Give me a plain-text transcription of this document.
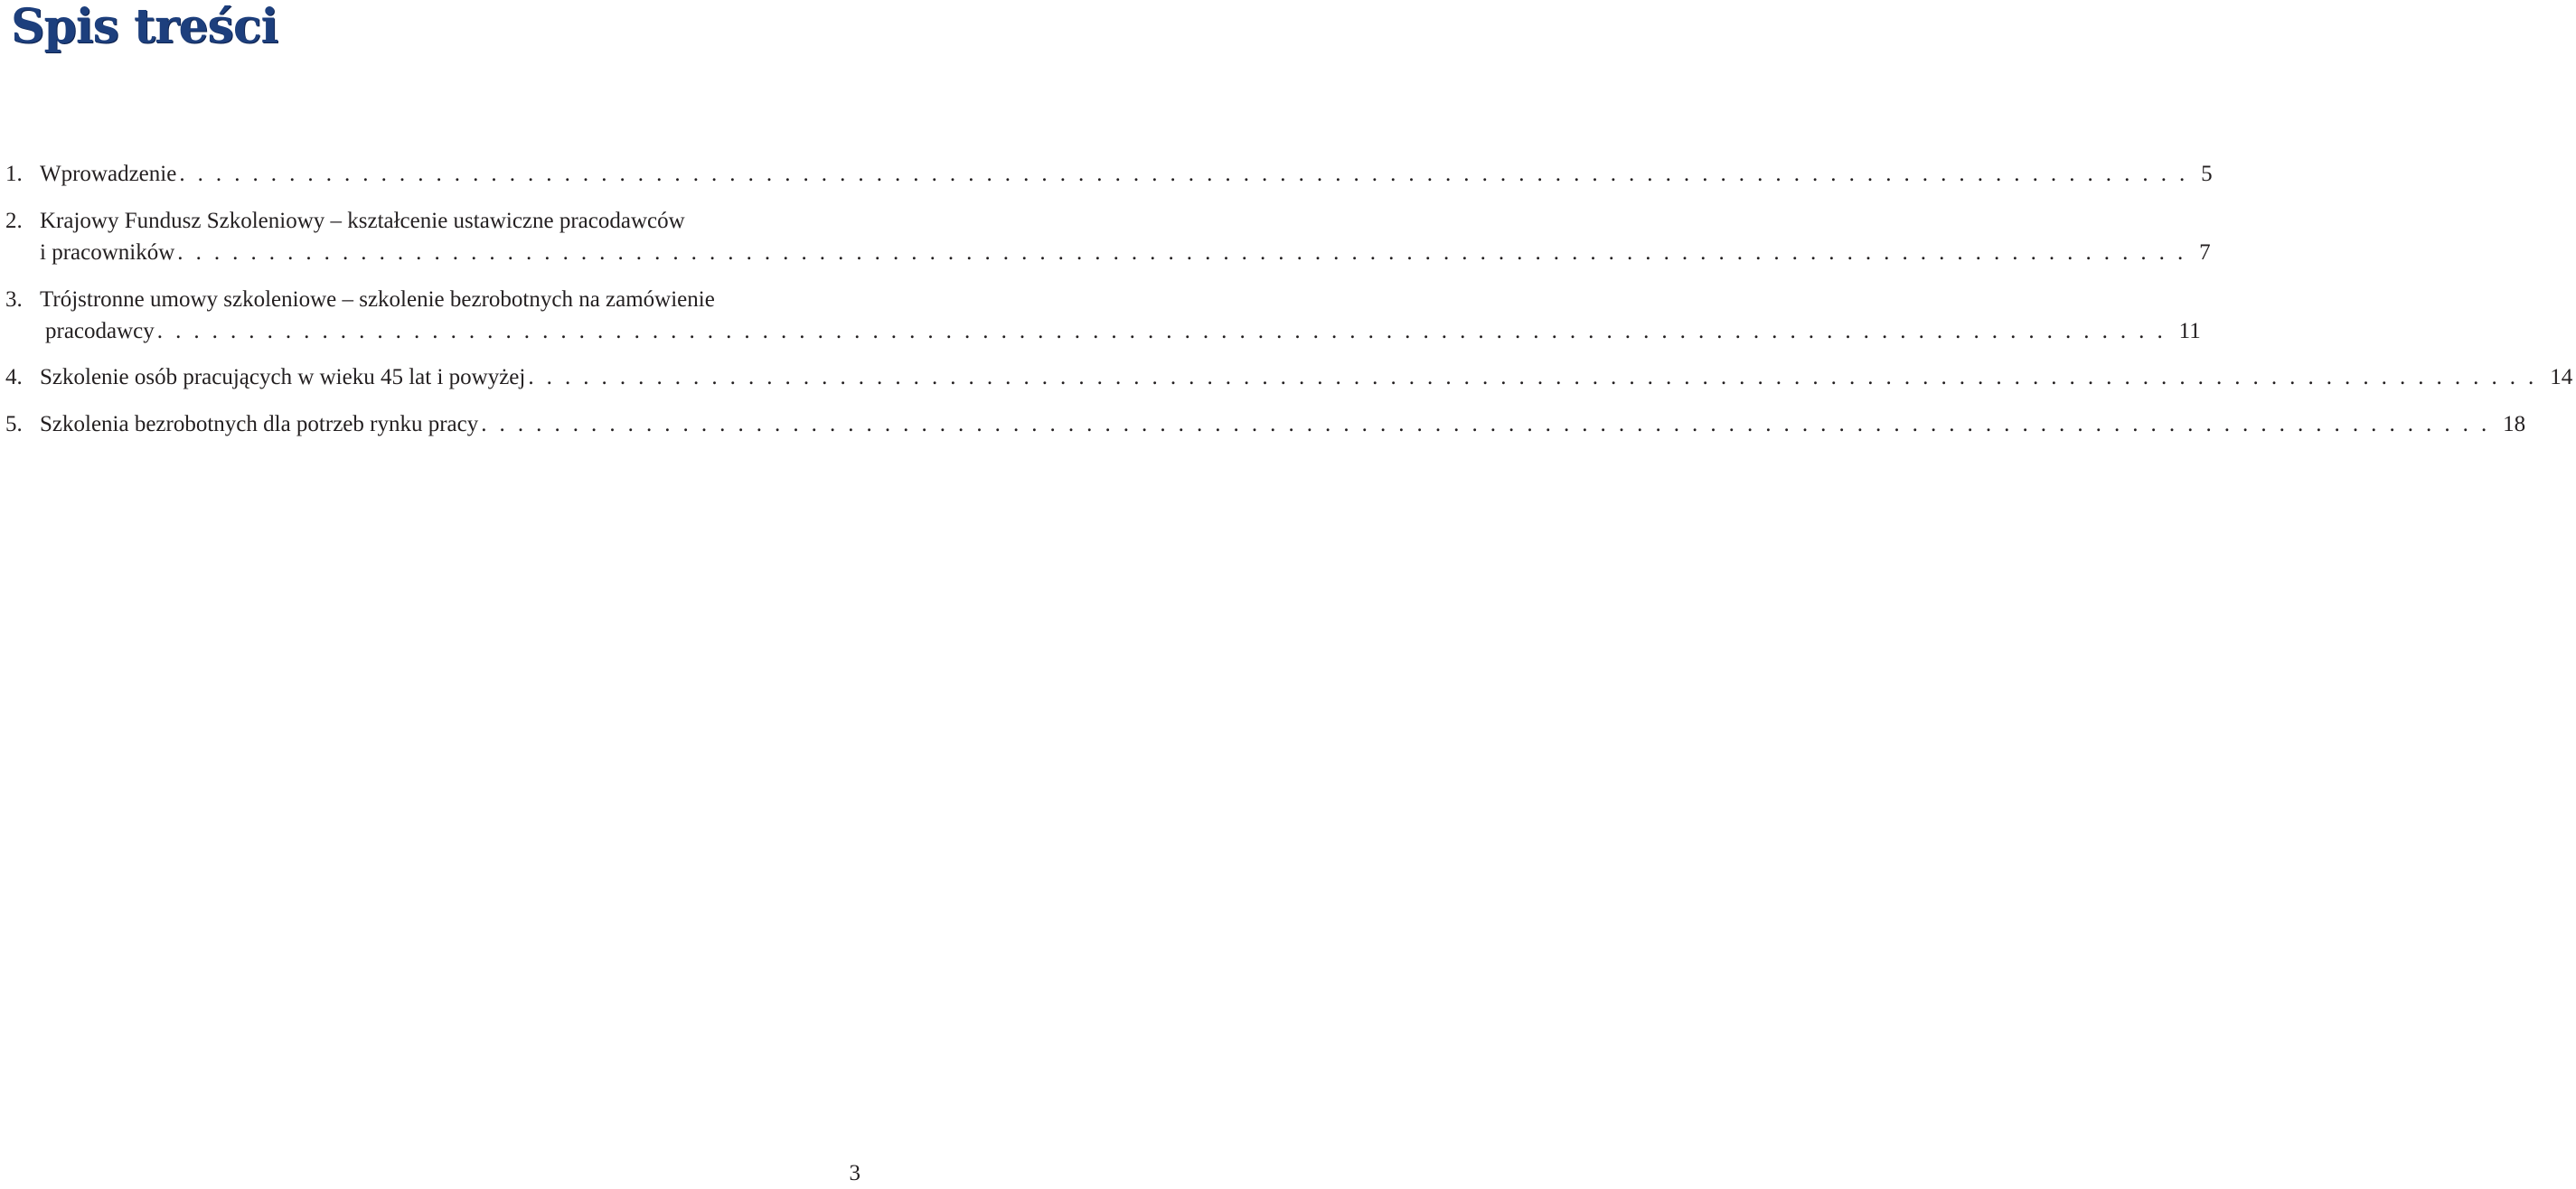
Spis treści
1. Wprowadzenie . . . . . . . . . . . . . . . . . . . . . . . . . . . . . . . . . . . . . . . . . . . . . . . . . . . . . . . . . . . . . . . . . . . . . . . . . . . . . . . . . . . . . . . . . . . . . . . . . . . . . . . . . . . . . . 5
2. Krajowy Fundusz Szkoleniowy – kształcenie ustawiczne pracodawców
i pracowników . . . . . . . . . . . . . . . . . . . . . . . . . . . . . . . . . . . . . . . . . . . . . . . . . . . . . . . . . . . . . . . . . . . . . . . . . . . . . . . . . . . . . . . . . . . . . . . . . . . . . . . . . . . . . . 7
3. Trójstronne umowy szkoleniowe – szkolenie bezrobotnych na zamówienie
pracodawcy . . . . . . . . . . . . . . . . . . . . . . . . . . . . . . . . . . . . . . . . . . . . . . . . . . . . . . . . . . . . . . . . . . . . . . . . . . . . . . . . . . . . . . . . . . . . . . . . . . . . . . . . . . . . . . 11
4. Szkolenie osób pracujących w wieku 45 lat i powyżej . . . . . . . . . . . . . . . . . . . . . . . . . . . . . . . . . . . . . . . . . . . . . . . . . . . . . . . . . . . . . . . . . . . . . . . . . . . . . . . . . . . . . . . . . . . . . . . . . . . . . . . . . . . . . . 14
5. Szkolenia bezrobotnych dla potrzeb rynku pracy . . . . . . . . . . . . . . . . . . . . . . . . . . . . . . . . . . . . . . . . . . . . . . . . . . . . . . . . . . . . . . . . . . . . . . . . . . . . . . . . . . . . . . . . . . . . . . . . . . . . . . . . . . . . . . 18
3
